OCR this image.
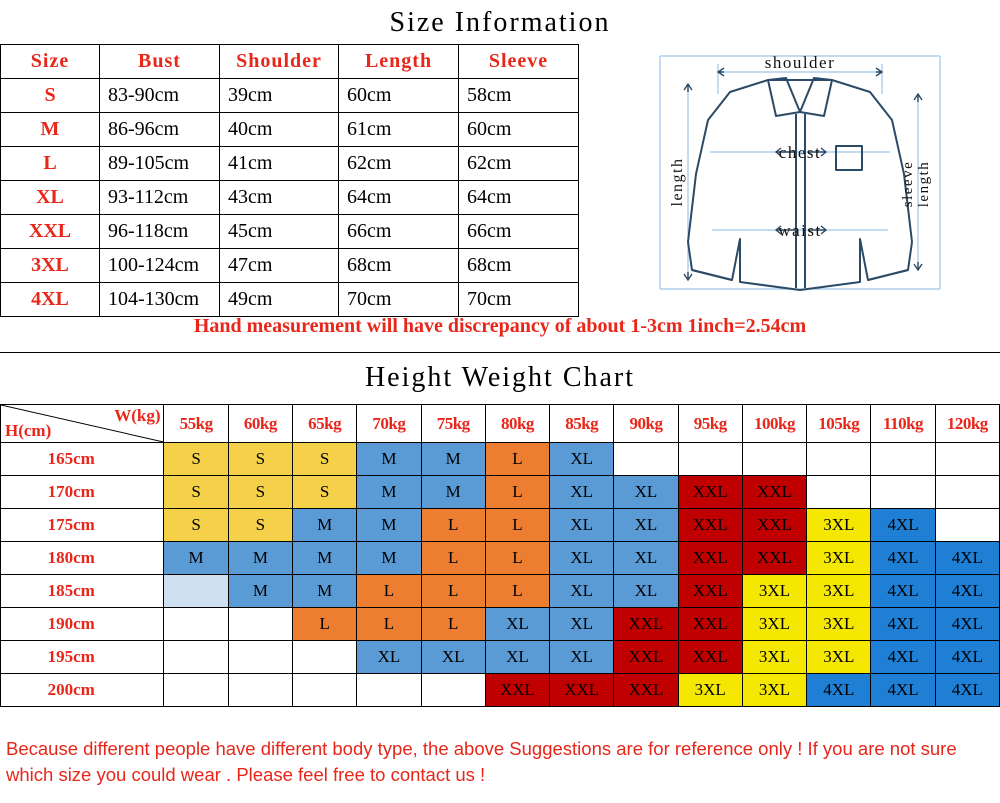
Size Information
Size	Bust	Shoulder	Length	Sleeve
S	83-90cm	39cm	60cm	58cm
M	86-96cm	40cm	61cm	60cm
L	89-105cm	41cm	62cm	62cm
XL	93-112cm	43cm	64cm	64cm
XXL	96-118cm	45cm	66cm	66cm
3XL	100-124cm	47cm	68cm	68cm
4XL	104-130cm	49cm	70cm	70cm
shoulder
chest
waist
length	sleeve length
Hand measurement will have discrepancy of about 1-3cm 1inch=2.54cm
Height Weight Chart
H(cm)
W(kg)	55kg	60kg	65kg	70kg	75kg	80kg	85kg	90kg	95kg	100kg	105kg	110kg	120kg
165cm	S	S	S	M	M	L	XL						
170cm	S	S	S	M	M	L	XL	XL	XXL	XXL			
175cm	S	S	M	M	L	L	XL	XL	XXL	XXL	3XL	4XL	
180cm	M	M	M	M	L	L	XL	XL	XXL	XXL	3XL	4XL	4XL
185cm		M	M	L	L	L	XL	XL	XXL	3XL	3XL	4XL	4XL
190cm			L	L	L	XL	XL	XXL	XXL	3XL	3XL	4XL	4XL
195cm				XL	XL	XL	XL	XXL	XXL	3XL	3XL	4XL	4XL
200cm						XXL	XXL	XXL	3XL	3XL	4XL	4XL	4XL
Because different people have different body type, the above Suggestions are for reference only ! If you are not sure which size you could wear . Please feel free to contact us !
